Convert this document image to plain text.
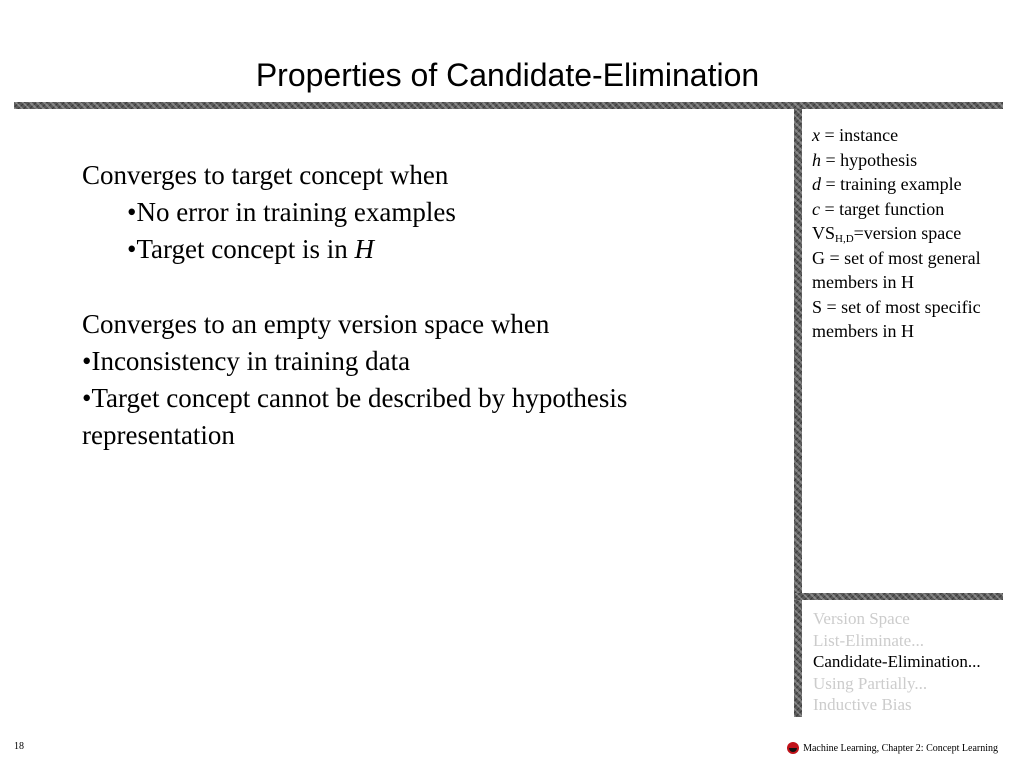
Properties of Candidate-Elimination
Converges to target concept when
•No error in training examples
•Target concept is in H
Converges to an empty version space when
•Inconsistency in training data
•Target concept cannot be described by hypothesis
representation
x = instance
h = hypothesis
d = training example
c = target function
$VS_{H,D}=version$ space
G = set of most general
members in H
S = set of most specific
members in H
Version Space
List-Eliminate...
Candidate-Elimination...
Using Partially...
Inductive Bias
18	Machine Learning, Chapter 2: Concept Learning
